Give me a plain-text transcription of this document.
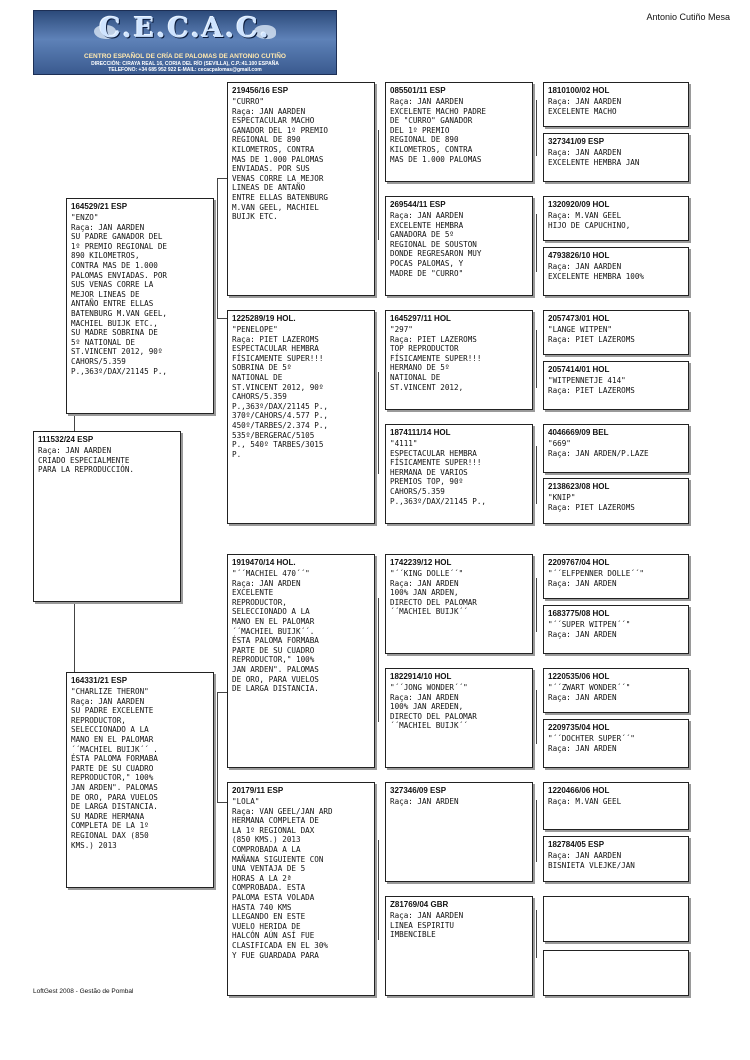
C.E.C.A.C.
CENTRO ESPAÑOL DE CRÍA DE PALOMAS DE ANTONIO CUTIÑO
DIRECCIÓN: C/RAYA REAL 16, CORIA DEL RÍO (SEVILLA), C.P.:41.100 ESPAÑA
TELEFONO: +34 685 952 922 E-MAIL: cecacpalomas@gmail.com
Antonio Cutiño Mesa
111532/24 ESP
Raça: JAN AARDEN
CRIADO ESPECIALMENTE
PARA LA REPRODUCCIÓN.
164529/21 ESP
"ENZO"
Raça: JAN AARDEN
SU PADRE GANADOR DEL
1º PREMIO REGIONAL DE
890 KILOMETROS,
CONTRA MAS DE 1.000
PALOMAS ENVIADAS. POR
SUS VENAS CORRE LA
MEJOR LINEAS DE
ANTAÑO ENTRE ELLAS
BATENBURG M.VAN GEEL,
MACHIEL BUIJK ETC.,
SU MADRE SOBRINA DE
5º NATIONAL DE
ST.VINCENT 2012, 90º
CAHORS/5.359
P.,363º/DAX/21145 P.,
164331/21 ESP
"CHARLIZE THERON"
Raça: JAN AARDEN
SU PADRE EXCELENTE
REPRODUCTOR,
SELECCIONADO A LA
MANO EN EL PALOMAR
´´MACHIEL BUIJK´´ .
ÉSTA PALOMA FORMABA
PARTE DE SU CUADRO
REPRODUCTOR," 100%
JAN ARDEN". PALOMAS
DE ORO, PARA VUELOS
DE LARGA DISTANCIA.
SU MADRE HERMANA
COMPLETA DE LA 1º
REGIONAL DAX (850
KMS.) 2013
219456/16 ESP
"CURRO"
Raça: JAN AARDEN
ESPECTACULAR MACHO
GANADOR DEL 1º PREMIO
REGIONAL DE 890
KILOMETROS, CONTRA
MAS DE 1.000 PALOMAS
ENVIADAS. POR SUS
VENAS CORRE LA MEJOR
LINEAS DE ANTAÑO
ENTRE ELLAS BATENBURG
M.VAN GEEL, MACHIEL
BUIJK ETC.
1225289/19 HOL.
"PENELOPE"
Raça: PIET LAZEROMS
ESPECTACULAR HEMBRA
FÍSICAMENTE SUPER!!!
SOBRINA DE 5º
NATIONAL DE
ST.VINCENT 2012, 90º
CAHORS/5.359
P.,363º/DAX/21145 P.,
370º/CAHORS/4.577 P.,
450º/TARBES/2.374 P.,
535º/BERGERAC/5105
P., 540º TARBES/3015
P.
1919470/14 HOL.
"´´MACHIEL 470´´"
Raça: JAN ARDEN
EXCELENTE
REPRODUCTOR,
SELECCIONADO A LA
MANO EN EL PALOMAR
´´MACHIEL BUIJK´´.
ÉSTA PALOMA FORMABA
PARTE DE SU CUADRO
REPRODUCTOR," 100%
JAN ARDEN". PALOMAS
DE ORO, PARA VUELOS
DE LARGA DISTANCIA.
20179/11 ESP
"LOLA"
Raça: VAN GEEL/JAN ARD
HERMANA COMPLETA DE
LA 1º REGIONAL DAX
(850 KMS.) 2013
COMPROBADA A LA
MAÑANA SIGUIENTE CON
UNA VENTAJA DE 5
HORAS A LA 2ª
COMPROBADA. ESTA
PALOMA ESTA VOLADA
HASTA 740 KMS
LLEGANDO EN ESTE
VUELO HERIDA DE
HALCÓN AÚN ASÍ FUE
CLASIFICADA EN EL 30%
Y FUE GUARDADA PARA
085501/11 ESP
Raça: JAN AARDEN
EXCELENTE MACHO PADRE
DE "CURRO" GANADOR
DEL 1º PREMIO
REGIONAL DE 890
KILOMETROS, CONTRA
MAS DE 1.000 PALOMAS
269544/11 ESP
Raça: JAN AARDEN
EXCELENTE HEMBRA
GANADORA DE 5º
REGIONAL DE SOUSTON
DONDE REGRESARON MUY
POCAS PALOMAS, Y
MADRE DE "CURRO"
1645297/11 HOL
"297"
Raça: PIET LAZEROMS
TOP REPRODUCTOR
FÍSICAMENTE SUPER!!!
HERMANO DE 5º
NATIONAL DE
ST.VINCENT 2012,
1874111/14 HOL
"4111"
ESPECTACULAR HEMBRA
FÍSICAMENTE SUPER!!!
HERMANA DE VARIOS
PREMIOS TOP, 90º
CAHORS/5.359
P.,363º/DAX/21145 P.,
1742239/12 HOL
"´´KING DOLLE´´"
Raça: JAN ARDEN
100% JAN ARDEN,
DIRECTO DEL PALOMAR
´´MACHIEL BUIJK´´
1822914/10 HOL
"´´JONG WONDER´´"
Raça: JAN ARDEN
100% JAN AREDEN,
DIRECTO DEL PALOMAR
´´MACHIEL BUIJK´´
327346/09 ESP
Raça: JAN ARDEN
Z81769/04 GBR
Raça: JAN AARDEN
LINEA ESPIRITU
IMBENCIBLE
1810100/02 HOL
Raça: JAN AARDEN
EXCELENTE MACHO
327341/09 ESP
Raça: JAN AARDEN
EXCELENTE HEMBRA JAN
1320920/09 HOL
Raça: M.VAN GEEL
HIJO DE CAPUCHINO,
4793826/10 HOL
Raça: JAN AARDEN
EXCELENTE HEMBRA 100%
2057473/01 HOL
"LANGE WITPEN"
Raça: PIET LAZEROMS
2057414/01 HOL
"WITPENNETJE 414"
Raça: PIET LAZEROMS
4046669/09 BEL
"669"
Raça: JAN ARDEN/P.LAZE
2138623/08 HOL
"KNIP"
Raça: PIET LAZEROMS
2209767/04 HOL
"´´ELFPENNER DOLLE´´"
Raça: JAN ARDEN
1683775/08 HOL
"´´SUPER WITPEN´´"
Raça: JAN ARDEN
1220535/06 HOL
"´´ZWART WONDER´´"
Raça: JAN ARDEN
2209735/04 HOL
"´´DOCHTER SUPER´´"
Raça: JAN ARDEN
1220466/06 HOL
Raça: M.VAN GEEL
182784/05 ESP
Raça: JAN AARDEN
BISNIETA VLEJKE/JAN
LoftGest 2008 - Gestão de Pombal
